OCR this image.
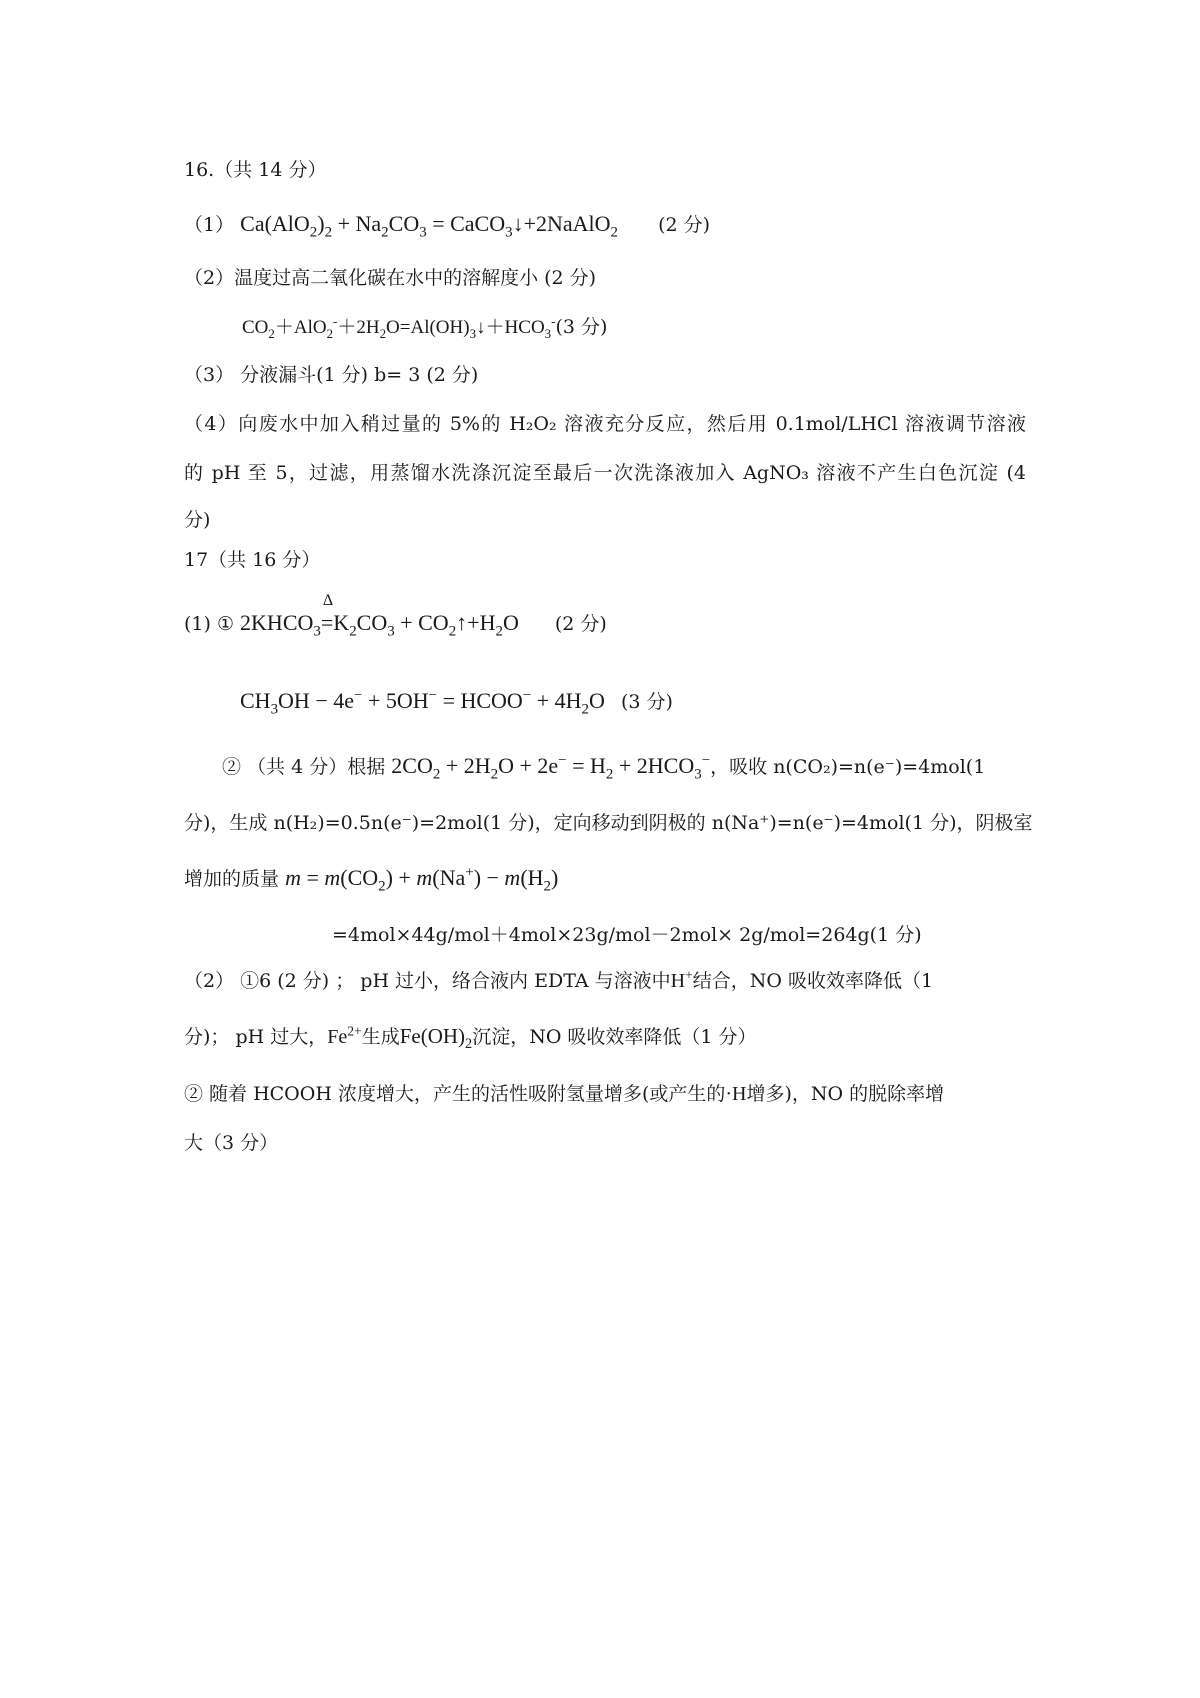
16.（共 14 分）
（1） $Ca(AlO_2)_2 + Na_2CO_3$ = CaCO$_3$↓+2NaAlO$_2$ (2 分)
（2）温度过高二氧化碳在水中的溶解度小 (2 分)
$CO_2+AlO_2^-+2H_2O=Al(OH)_3↓+HCO_3^-(3$ 分)
（3） 分液漏斗(1 分) b= 3 (2 分)
（4）向废水中加入稍过量的 5%的 H₂O₂ 溶液充分反应，然后用 0.1mol/LHCl 溶液调节溶液
的 pH 至 5，过滤，用蒸馏水洗涤沉淀至最后一次洗涤液加入 AgNO₃ 溶液不产生白色沉淀 (4
分)
17（共 16 分）
(1) ① $2KHCO_3=$
Δ
$K_2CO_3$ + $CO_2↑+H_2O$ (2 分)
$CH_3OH - 4e^- + 5OH^-$ = HCOO− + $4H_2O$ (3 分)
② （共 4 分）根据 $2CO_2 + 2H_2O + 2e^- = H_2 + 2HCO_3^-$，吸收 n(CO₂)=n(e⁻)=4mol(1
分)，生成 n(H₂)=0.5n(e⁻)=2mol(1 分)，定向移动到阴极的 n(Na⁺)=n(e⁻)=4mol(1 分)，阴极室
增加的质量 $m = m(CO_2) + m(Na^+) - m(H_2)$
=4mol×44g/mol＋4mol×23g/mol－2mol× 2g/mol=264g(1 分)
（2） ①6 (2 分) ； pH 过小，络合液内 EDTA 与溶液中H+结合，NO 吸收效率降低（1
分)； pH 过大，$Fe^{2+}$生成$Fe(OH)_2$沉淀，NO 吸收效率降低（1 分）
② 随着 HCOOH 浓度增大，产生的活性吸附氢量增多(或产生的·H增多)，NO 的脱除率增
大（3 分）
